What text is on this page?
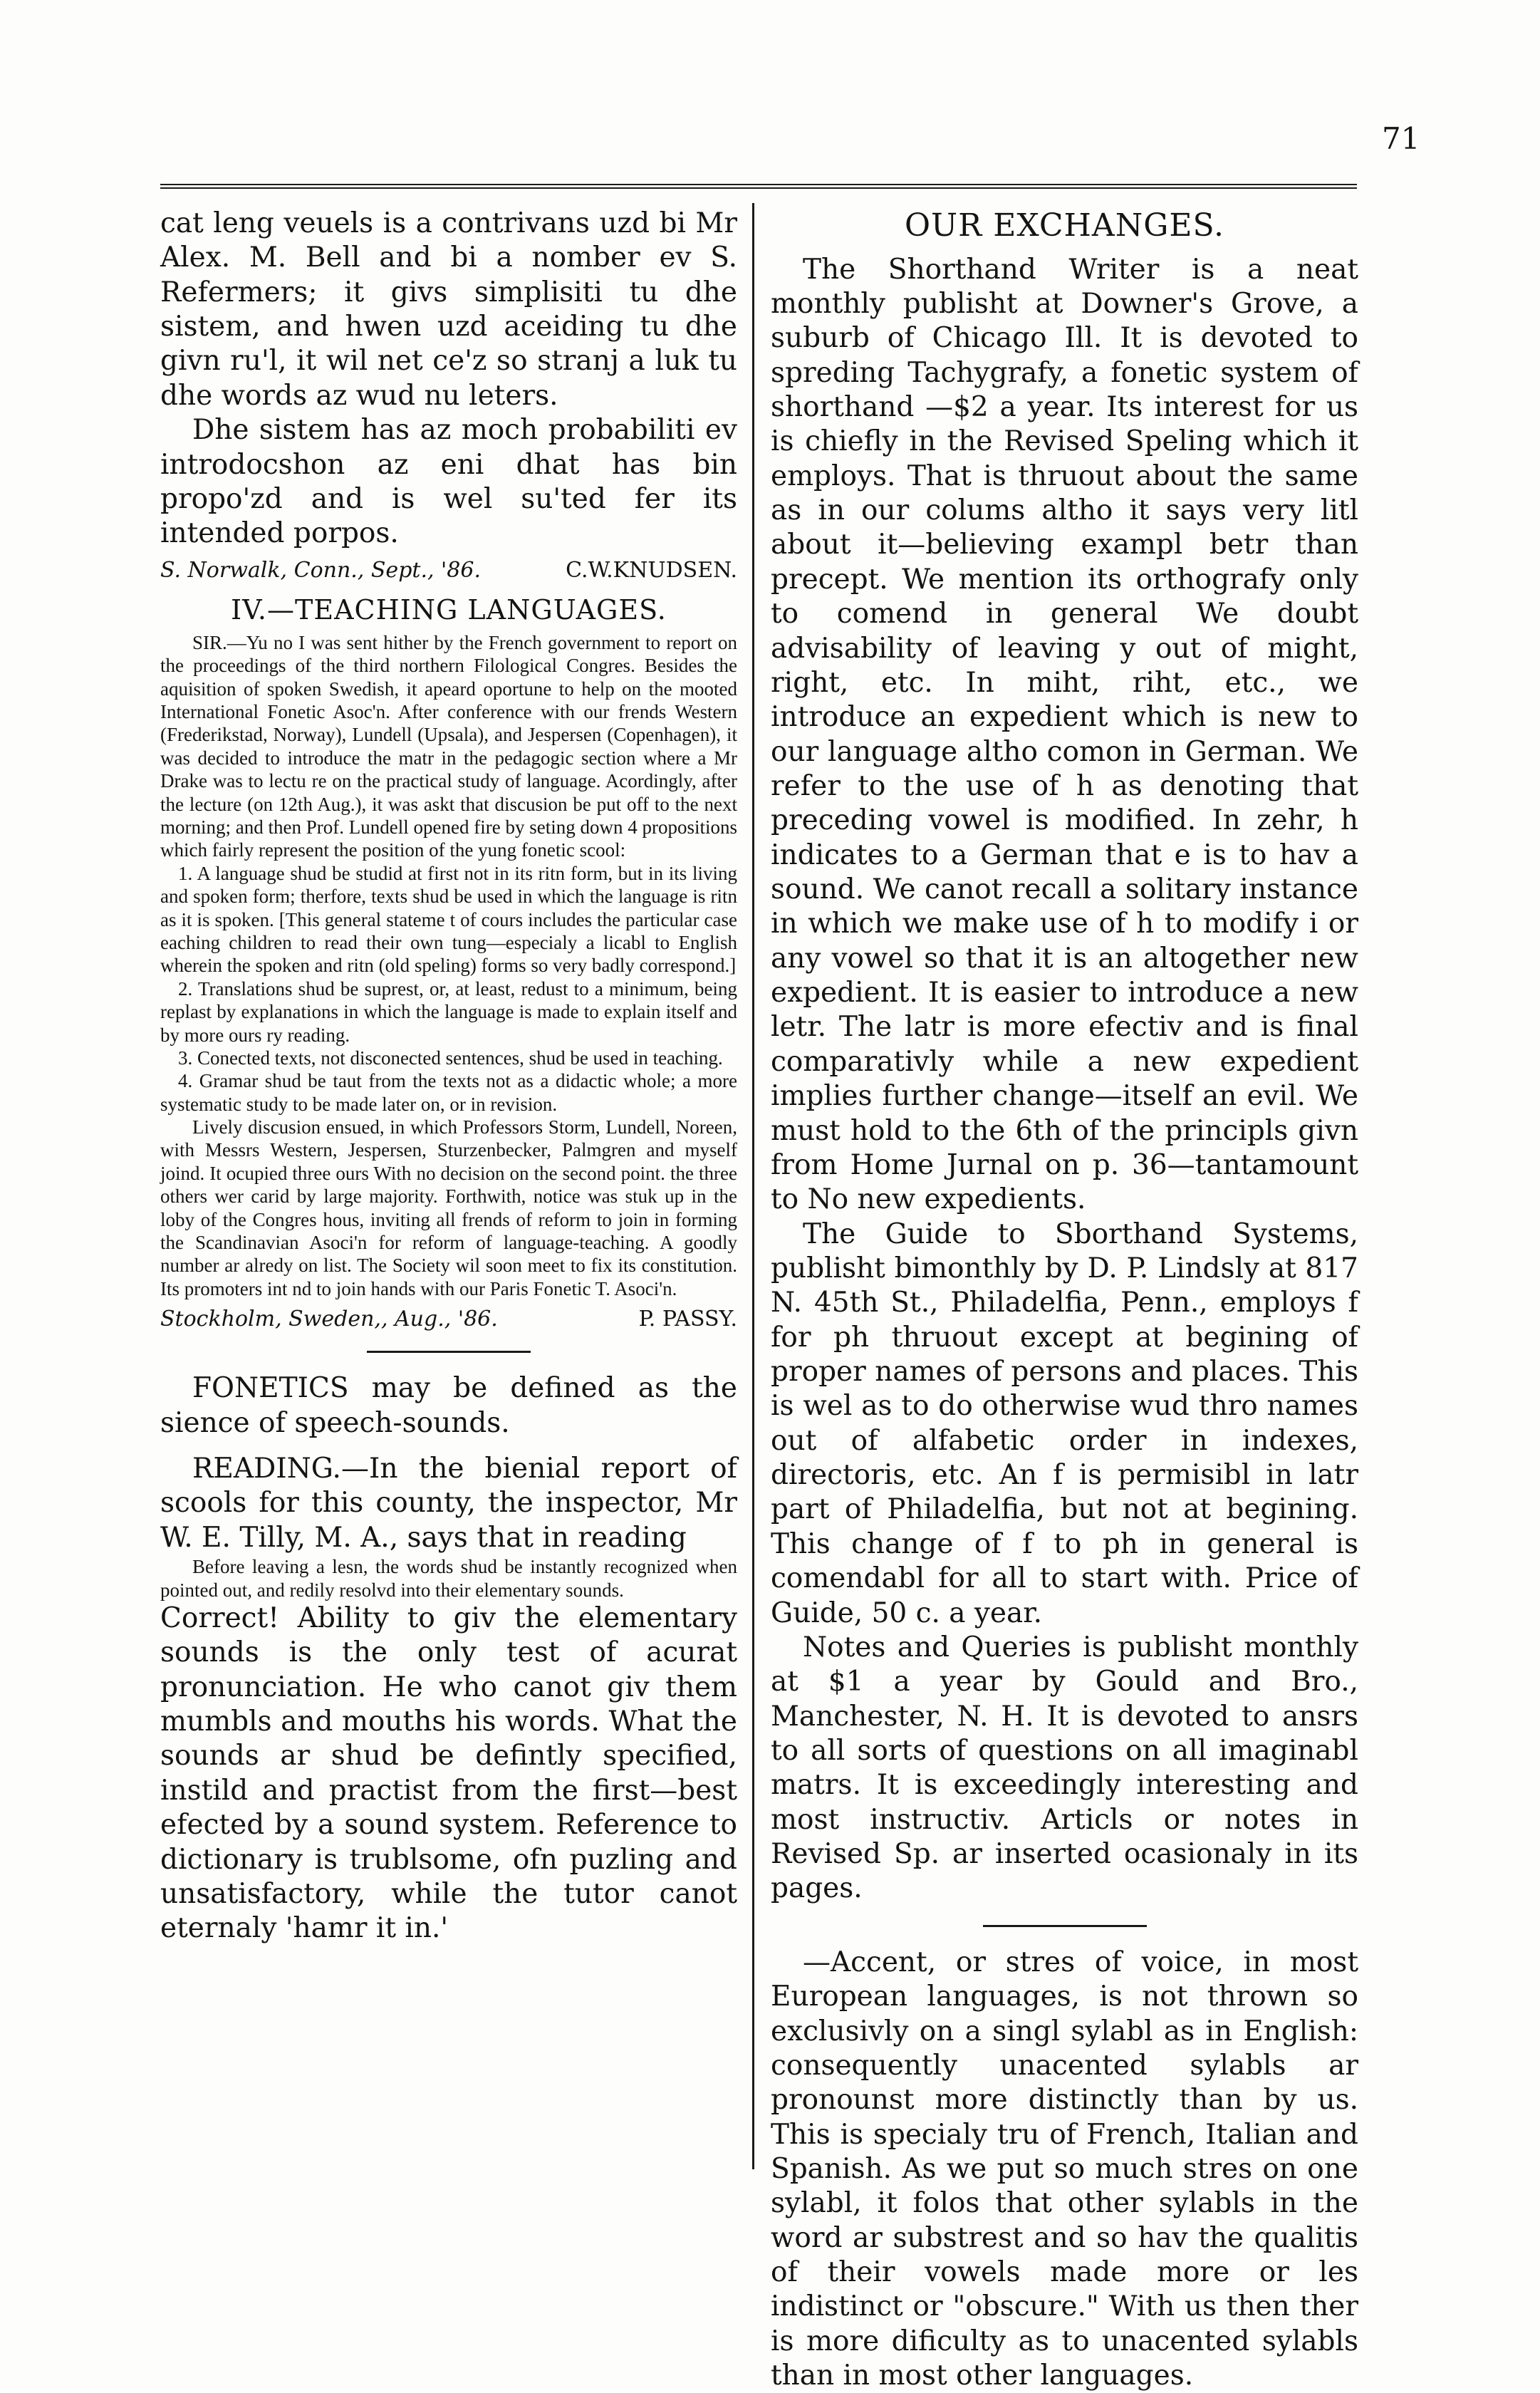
71

cat leng veuels is a contrivans uzd bi Mr Alex. M. Bell and bi a nomber ev S. Refermers; it givs simplisiti tu dhe sistem, and hwen uzd aceiding tu dhe givn ru'l, it wil net ce'z so stranj a luk tu dhe words az wud nu leters.

Dhe sistem has az moch probabiliti ev introdocshon az eni dhat has bin propo'zd and is wel su'ted fer its intended porpos.

S. Norwalk, Conn., Sept., '86.	C.W.KNUDSEN.
IV.—TEACHING LANGUAGES.

SIR.—Yu no I was sent hither by the French government to report on the proceedings of the third northern Filological Congres. Besides the aquisition of spoken Swedish, it apeard oportune to help on the mooted International Fonetic Asoc'n. After conference with our frends Western (Frederikstad, Norway), Lundell (Upsala), and Jespersen (Copenhagen), it was decided to introduce the matr in the pedagogic section where a Mr Drake was to lectu re on the practical study of language. Acordingly, after the lecture (on 12th Aug.), it was askt that discusion be put off to the next morning; and then Prof. Lundell opened fire by seting down 4 propositions which fairly represent the position of the yung fonetic scool:

1. A language shud be studid at first not in its ritn form, but in its living and spoken form; therfore, texts shud be used in which the language is ritn as it is spoken. [This general stateme t of cours includes the particular case eaching children to read their own tung—especialy a licabl to English wherein the spoken and ritn (old speling) forms so very badly correspond.]

2. Translations shud be suprest, or, at least, redust to a minimum, being replast by explanations in which the language is made to explain itself and by more ours ry reading.

3. Conected texts, not disconected sentences, shud be used in teaching.

4. Gramar shud be taut from the texts not as a didactic whole; a more systematic study to be made later on, or in revision.

Lively discusion ensued, in which Professors Storm, Lundell, Noreen, with Messrs Western, Jespersen, Sturzenbecker, Palmgren and myself joind. It ocupied three ours With no decision on the second point. the three others wer carid by large majority. Forthwith, notice was stuk up in the loby of the Congres hous, inviting all frends of reform to join in forming the Scandinavian Asoci'n for reform of language-teaching. A goodly number ar alredy on list. The Society wil soon meet to fix its constitution. Its promoters int nd to join hands with our Paris Fonetic T. Asoci'n.

Stockholm, Sweden,, Aug., '86.	P. PASSY.

FONETICS may be defined as the sience of speech-sounds.

READING.—In the bienial report of scools for this county, the inspector, Mr W. E. Tilly, M. A., says that in reading

Before leaving a lesn, the words shud be instantly recognized when pointed out, and redily resolvd into their elementary sounds.

Correct! Ability to giv the elementary sounds is the only test of acurat pronunciation. He who canot giv them mumbls and mouths his words. What the sounds ar shud be defintly specified, instild and practist from the first—best efected by a sound system. Reference to dictionary is trublsome, ofn puzling and unsatisfactory, while the tutor canot eternaly 'hamr it in.'

OUR EXCHANGES.

The Shorthand Writer is a neat monthly publisht at Downer's Grove, a suburb of Chicago Ill. It is devoted to spreding Tachygrafy, a fonetic system of shorthand —$2 a year. Its interest for us is chiefly in the Revised Speling which it employs. That is thruout about the same as in our colums altho it says very litl about it—believing exampl betr than precept. We mention its orthografy only to comend in general We doubt advisability of leaving y out of might, right, etc. In miht, riht, etc., we introduce an expedient which is new to our language altho comon in German. We refer to the use of h as denoting that preceding vowel is modified. In zehr, h indicates to a German that e is to hav a sound. We canot recall a solitary instance in which we make use of h to modify i or any vowel so that it is an altogether new expedient. It is easier to introduce a new letr. The latr is more efectiv and is final comparativly while a new expedient implies further change—itself an evil. We must hold to the 6th of the principls givn from Home Jurnal on p. 36—tantamount to No new expedients.

The Guide to Sborthand Systems, publisht bimonthly by D. P. Lindsly at 817 N. 45th St., Philadelfia, Penn., employs f for ph thruout except at begining of proper names of persons and places. This is wel as to do otherwise wud thro names out of alfabetic order in indexes, directoris, etc. An f is permisibl in latr part of Philadelfia, but not at begining. This change of f to ph in general is comendabl for all to start with. Price of Guide, 50 c. a year.

Notes and Queries is publisht monthly at $1 a year by Gould and Bro., Manchester, N. H. It is devoted to ansrs to all sorts of questions on all imaginabl matrs. It is exceedingly interesting and most instructiv. Articls or notes in Revised Sp. ar inserted ocasionaly in its pages.

—Accent, or stres of voice, in most European languages, is not thrown so exclusivly on a singl sylabl as in English: consequently unacented sylabls ar pronounst more distinctly than by us. This is specialy tru of French, Italian and Spanish. As we put so much stres on one sylabl, it folos that other sylabls in the word ar substrest and so hav the qualitis of their vowels made more or les indistinct or "obscure." With us then ther is more dificulty as to unacented sylabls than in most other languages.
